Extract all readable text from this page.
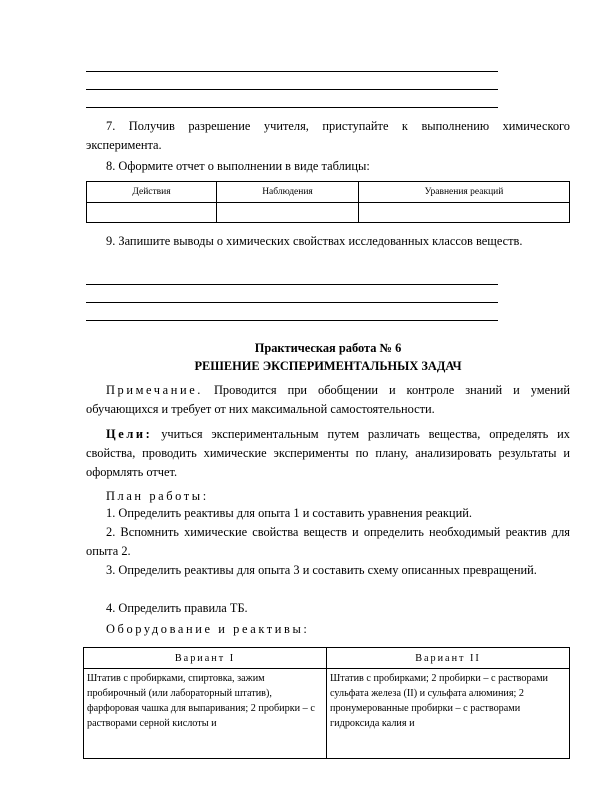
7. Получив разрешение учителя, приступайте к выполнению химического эксперимента.

8. Оформите отчет о выполнении в виде таблицы:

Действия	Наблюдения	Уравнения реакций

9. Запишите выводы о химических свойствах исследованных классов веществ.

Практическая работа № 6
РЕШЕНИЕ ЭКСПЕРИМЕНТАЛЬНЫХ ЗАДАЧ

Примечание. Проводится при обобщении и контроле знаний и умений обучающихся и требует от них максимальной самостоятельности.

Цели: учиться экспериментальным путем различать вещества, определять их свойства, проводить химические эксперименты по плану, анализировать результаты и оформлять отчет.

План работы:

1. Определить реактивы для опыта 1 и составить уравнения реакций.

2. Вспомнить химические свойства веществ и определить необходимый реактив для опыта 2.

3. Определить реактивы для опыта 3 и составить схему описанных превращений.

4. Определить правила ТБ.

Оборудование и реактивы:
Вариант I	Вариант II
Штатив с пробирками, спиртовка, зажим пробирочный (или лабораторный штатив), фарфоровая чашка для выпаривания; 2 пробирки – с растворами серной кислоты и	Штатив с пробирками; 2 пробирки – с растворами сульфата железа (II) и сульфата алюминия; 2 пронумерованные пробирки – с растворами гидроксида калия и
